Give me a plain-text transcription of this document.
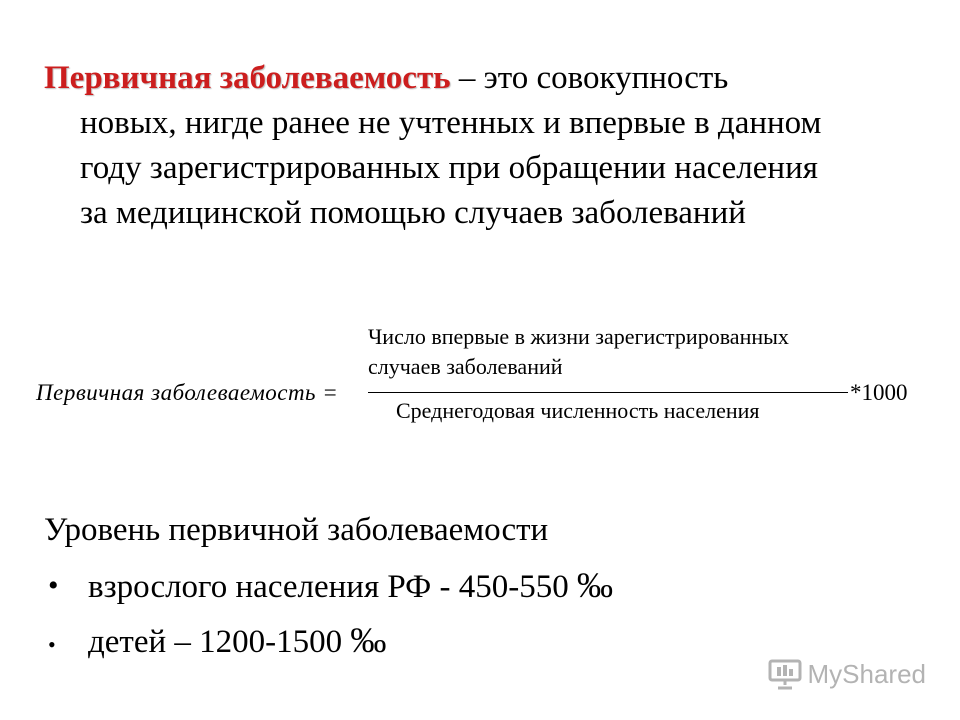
Первичная заболеваемость – это совокупность
новых, нигде ранее не учтенных и впервые в данном
году зарегистрированных при обращении населения
за медицинской помощью случаев заболеваний
Первичная заболеваемость =
Число впервые в жизни зарегистрированных
случаев заболеваний
Среднегодовая численность населения
*1000
Уровень первичной заболеваемости
• взрослого населения РФ - 450-550 ‰
• детей – 1200-1500 ‰
MyShared
